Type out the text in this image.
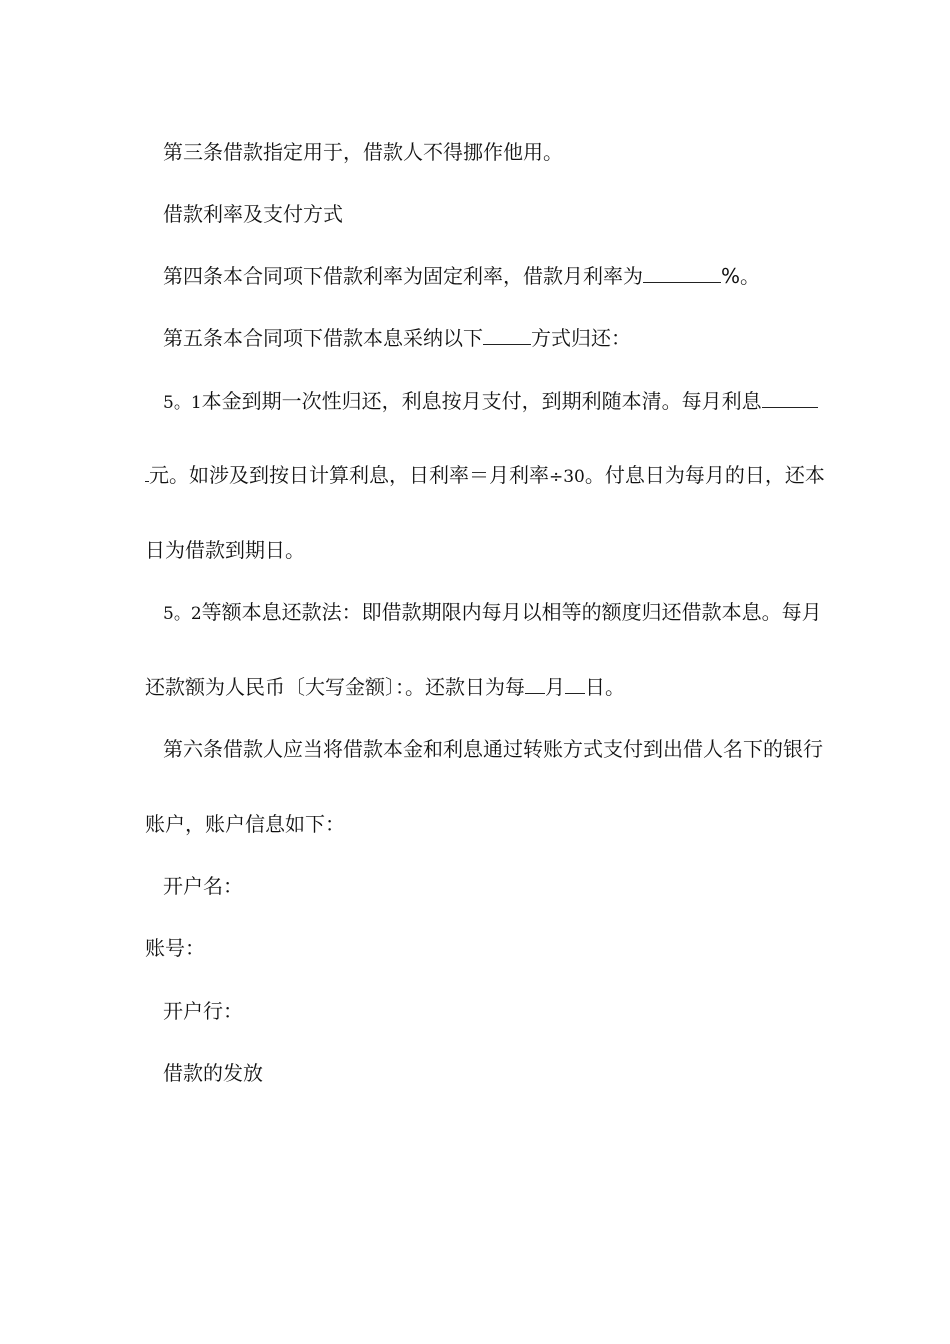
第三条借款指定用于，借款人不得挪作他用。
借款利率及支付方式
第四条本合同项下借款利率为固定利率，借款月利率为	%。
第五条本合同项下借款本息采纳以下 方式归还：
5。1本金到期一次性归还，利息按月支付，到期利随本清。每月利息
元。如涉及到按日计算利息，日利率＝月利率÷30。付息日为每月的日，还本
日为借款到期日。
5。2等额本息还款法：即借款期限内每月以相等的额度归还借款本息。每月
还款额为人民币〔大写金额〕：。还款日为每 月 日。
第六条借款人应当将借款本金和利息通过转账方式支付到出借人名下的银行
账户，账户信息如下：
开户名：
账号：
开户行：
借款的发放
